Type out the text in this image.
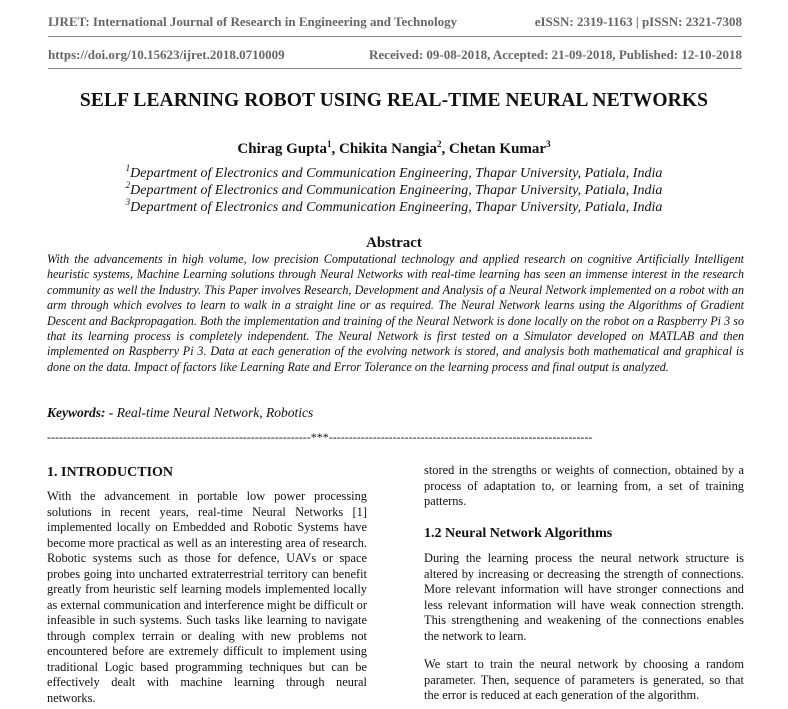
IJRET: International Journal of Research in Engineering and Technology	eISSN: 2319-1163 | pISSN: 2321-7308
https://doi.org/10.15623/ijret.2018.0710009	Received: 09-08-2018, Accepted: 21-09-2018, Published: 12-10-2018
SELF LEARNING ROBOT USING REAL-TIME NEURAL NETWORKS
Chirag Gupta$^1$, Chikita Nangia$^2$, Chetan Kumar$^3$
$^1$Department of Electronics and Communication Engineering, Thapar University, Patiala, India
$^2$Department of Electronics and Communication Engineering, Thapar University, Patiala, India
$^3$Department of Electronics and Communication Engineering, Thapar University, Patiala, India
Abstract
With the advancements in high volume, low precision Computational technology and applied research on cognitive Artificially Intelligent heuristic systems, Machine Learning solutions through Neural Networks with real-time learning has seen an immense interest in the research community as well the Industry. This Paper involves Research, Development and Analysis of a Neural Network implemented on a robot with an arm through which evolves to learn to walk in a straight line or as required. The Neural Network learns using the Algorithms of Gradient Descent and Backpropagation. Both the implementation and training of the Neural Network is done locally on the robot on a Raspberry Pi 3 so that its learning process is completely independent. The Neural Network is first tested on a Simulator developed on MATLAB and then implemented on Raspberry Pi 3. Data at each generation of the evolving network is stored, and analysis both mathematical and graphical is done on the data. Impact of factors like Learning Rate and Error Tolerance on the learning process and final output is analyzed.
Keywords: - Real-time Neural Network, Robotics
------------------------------------------------------------------***------------------------------------------------------------------
1. INTRODUCTION

With the advancement in portable low power processing solutions in recent years, real-time Neural Networks [1] implemented locally on Embedded and Robotic Systems have become more practical as well as an interesting area of research. Robotic systems such as those for defence, UAVs or space probes going into uncharted extraterrestrial territory can benefit greatly from heuristic self learning models implemented locally as external communication and interference might be difficult or infeasible in such systems. Such tasks like learning to navigate through complex terrain or dealing with new problems not encountered before are extremely difficult to implement using traditional Logic based programming techniques but can be effectively dealt with machine learning through neural networks.

stored in the strengths or weights of connection, obtained by a process of adaptation to, or learning from, a set of training patterns.

1.2 Neural Network Algorithms

During the learning process the neural network structure is altered by increasing or decreasing the strength of connections. More relevant information will have stronger connections and less relevant information will have weak connection strength. This strengthening and weakening of the connections enables the network to learn.

We start to train the neural network by choosing a random parameter. Then, sequence of parameters is generated, so that the error is reduced at each generation of the algorithm.
